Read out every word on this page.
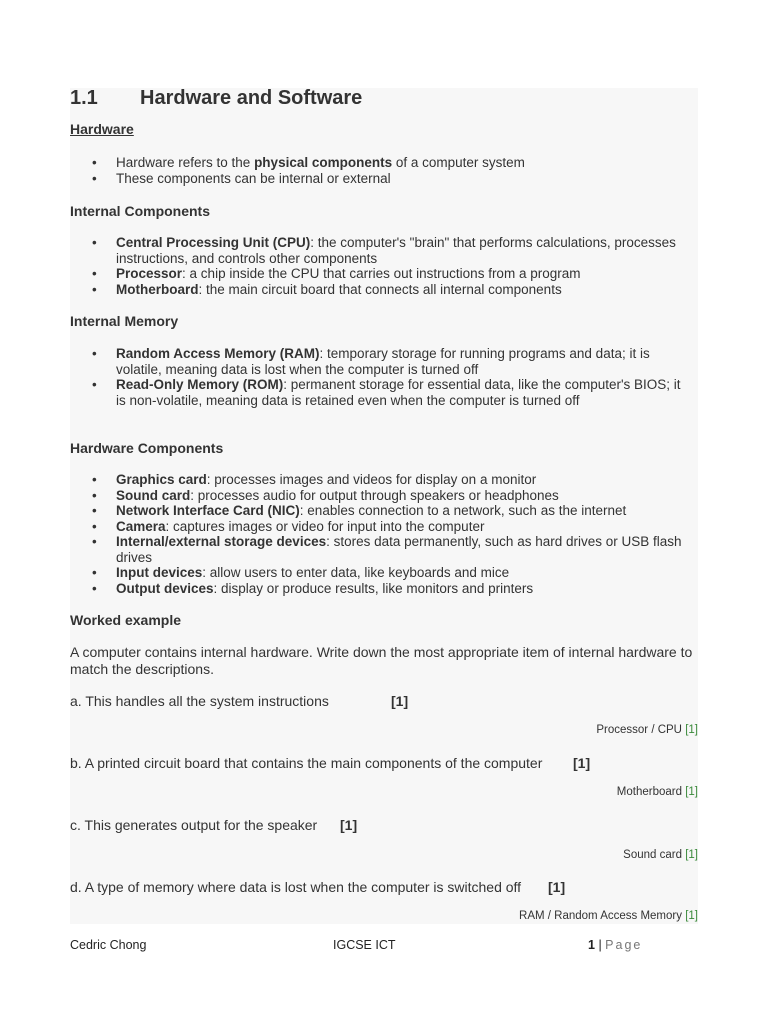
1.1 Hardware and Software
Hardware
• Hardware refers to the physical components of a computer system
• These components can be internal or external
Internal Components
• Central Processing Unit (CPU): the computer's "brain" that performs calculations, processes instructions, and controls other components
• Processor: a chip inside the CPU that carries out instructions from a program
• Motherboard: the main circuit board that connects all internal components
Internal Memory
• Random Access Memory (RAM): temporary storage for running programs and data; it is volatile, meaning data is lost when the computer is turned off
• Read-Only Memory (ROM): permanent storage for essential data, like the computer's BIOS; it is non-volatile, meaning data is retained even when the computer is turned off
Hardware Components
• Graphics card: processes images and videos for display on a monitor
• Sound card: processes audio for output through speakers or headphones
• Network Interface Card (NIC): enables connection to a network, such as the internet
• Camera: captures images or video for input into the computer
• Internal/external storage devices: stores data permanently, such as hard drives or USB flash drives
• Input devices: allow users to enter data, like keyboards and mice
• Output devices: display or produce results, like monitors and printers
Worked example
A computer contains internal hardware. Write down the most appropriate item of internal hardware to match the descriptions.
a. This handles all the system instructions	[1]
Processor / CPU [1]
b. A printed circuit board that contains the main components of the computer [1]
Motherboard [1]
c. This generates output for the speaker [1]
Sound card [1]
d. A type of memory where data is lost when the computer is switched off [1]
RAM / Random Access Memory [1]
Cedric Chong	IGCSE ICT	1 | Page
